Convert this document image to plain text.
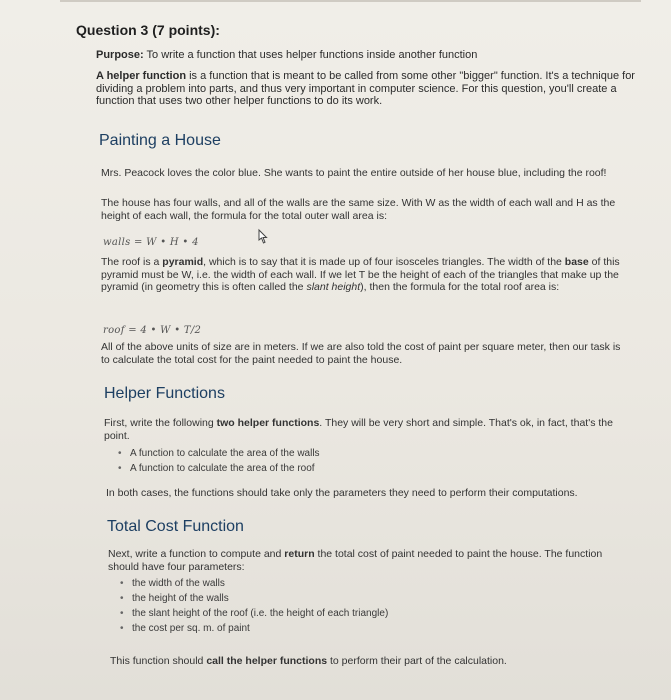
Question 3 (7 points):
Purpose: To write a function that uses helper functions inside another function
A helper function is a function that is meant to be called from some other "bigger" function. It's a technique for dividing a problem into parts, and thus very important in computer science. For this question, you'll create a function that uses two other helper functions to do its work.
Painting a House
Mrs. Peacock loves the color blue. She wants to paint the entire outside of her house blue, including the roof!
The house has four walls, and all of the walls are the same size. With W as the width of each wall and H as the height of each wall, the formula for the total outer wall area is:
walls = W • H • 4
The roof is a pyramid, which is to say that it is made up of four isosceles triangles. The width of the base of this pyramid must be W, i.e. the width of each wall. If we let T be the height of each of the triangles that make up the pyramid (in geometry this is often called the slant height), then the formula for the total roof area is:
roof = 4 • W • T/2
All of the above units of size are in meters. If we are also told the cost of paint per square meter, then our task is to calculate the total cost for the paint needed to paint the house.
Helper Functions
First, write the following two helper functions. They will be very short and simple. That's ok, in fact, that's the point.
• A function to calculate the area of the walls
• A function to calculate the area of the roof
In both cases, the functions should take only the parameters they need to perform their computations.
Total Cost Function
Next, write a function to compute and return the total cost of paint needed to paint the house. The function should have four parameters:
• the width of the walls
• the height of the walls
• the slant height of the roof (i.e. the height of each triangle)
• the cost per sq. m. of paint
This function should call the helper functions to perform their part of the calculation.
